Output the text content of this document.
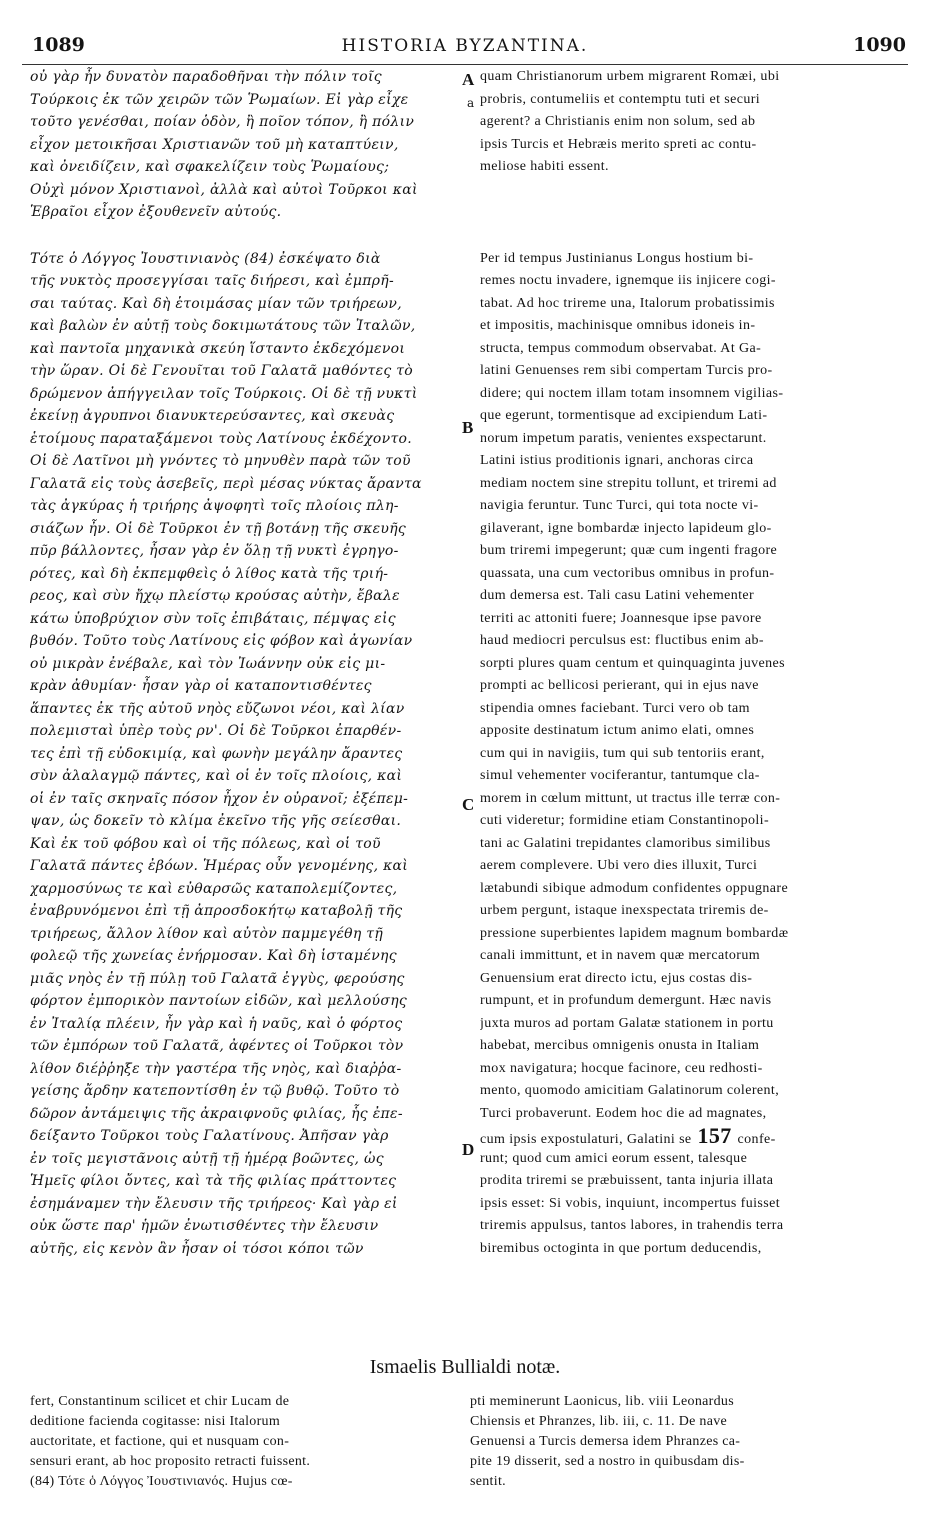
1089	HISTORIA BYZANTINA.	1090
A
a
B
C
D
οὐ γὰρ ἦν δυνατὸν παραδοθῆναι τὴν πόλιν τοῖς
Τούρκοις ἐκ τῶν χειρῶν τῶν Ῥωμαίων. Εἰ γὰρ εἶχε
τοῦτο γενέσθαι, ποίαν ὁδὸν, ἢ ποῖον τόπον, ἢ πόλιν
εἶχον μετοικῆσαι Χριστιανῶν τοῦ μὴ καταπτύειν,
καὶ ὀνειδίζειν, καὶ σφακελίζειν τοὺς Ῥωμαίους;
Οὐχὶ μόνον Χριστιανοὶ, ἀλλὰ καὶ αὐτοὶ Τοῦρκοι καὶ
Ἑβραῖοι εἶχον ἐξουθενεῖν αὐτούς.
Τότε ὁ Λόγγος Ἰουστινιανὸς (84) ἐσκέψατο διὰ
τῆς νυκτὸς προσεγγίσαι ταῖς διήρεσι, καὶ ἐμπρῆ-
σαι ταύτας. Καὶ δὴ ἑτοιμάσας μίαν τῶν τριήρεων,
καὶ βαλὼν ἐν αὐτῇ τοὺς δοκιμωτάτους τῶν Ἰταλῶν,
καὶ παντοῖα μηχανικὰ σκεύη ἵσταντο ἐκδεχόμενοι
τὴν ὥραν. Οἱ δὲ Γενουῖται τοῦ Γαλατᾶ μαθόντες τὸ
δρώμενον ἀπήγγειλαν τοῖς Τούρκοις. Οἱ δὲ τῇ νυκτὶ
ἐκείνῃ ἀγρυπνοι διανυκτερεύσαντες, καὶ σκευὰς
ἑτοίμους παραταξάμενοι τοὺς Λατίνους ἐκδέχοντο.
Οἱ δὲ Λατῖνοι μὴ γνόντες τὸ μηνυθὲν παρὰ τῶν τοῦ
Γαλατᾶ εἰς τοὺς ἀσεβεῖς, περὶ μέσας νύκτας ἄραντα
τὰς ἀγκύρας ἡ τριήρης ἀψοφητὶ τοῖς πλοίοις πλη-
σιάζων ἦν. Οἱ δὲ Τοῦρκοι ἐν τῇ βοτάνῃ τῆς σκευῆς
πῦρ βάλλοντες, ἦσαν γὰρ ἐν ὅλῃ τῇ νυκτὶ ἐγρηγο-
ρότες, καὶ δὴ ἐκπεμφθεὶς ὁ λίθος κατὰ τῆς τριή-
ρεος, καὶ σὺν ἤχῳ πλείστῳ κρούσας αὐτὴν, ἔβαλε
κάτω ὑποβρύχιον σὺν τοῖς ἐπιβάταις, πέμψας εἰς
βυθόν. Τοῦτο τοὺς Λατίνους εἰς φόβον καὶ ἀγωνίαν
οὐ μικρὰν ἐνέβαλε, καὶ τὸν Ἰωάννην οὐκ εἰς μι-
κρὰν ἀθυμίαν· ἦσαν γὰρ οἱ καταποντισθέντες
ἅπαντες ἐκ τῆς αὐτοῦ νηὸς εὔζωνοι νέοι, καὶ λίαν
πολεμισταὶ ὑπὲρ τοὺς ρν'. Οἱ δὲ Τοῦρκοι ἐπαρθέν-
τες ἐπὶ τῇ εὐδοκιμίᾳ, καὶ φωνὴν μεγάλην ἄραντες
σὺν ἀλαλαγμῷ πάντες, καὶ οἱ ἐν τοῖς πλοίοις, καὶ
οἱ ἐν ταῖς σκηναῖς πόσον ἦχον ἐν οὐρανοῖ; ἐξέπεμ-
ψαν, ὡς δοκεῖν τὸ κλίμα ἐκεῖνο τῆς γῆς σείεσθαι.
Καὶ ἐκ τοῦ φόβου καὶ οἱ τῆς πόλεως, καὶ οἱ τοῦ
Γαλατᾶ πάντες ἐβόων. Ἡμέρας οὖν γενομένης, καὶ
χαρμοσύνως τε καὶ εὐθαρσῶς καταπολεμίζοντες,
ἐναβρυνόμενοι ἐπὶ τῇ ἀπροσδοκήτῳ καταβολῇ τῆς
τριήρεως, ἄλλον λίθον καὶ αὐτὸν παμμεγέθη τῇ
φολεῷ τῆς χωνείας ἐνήρμοσαν. Καὶ δὴ ἱσταμένης
μιᾶς νηὸς ἐν τῇ πύλῃ τοῦ Γαλατᾶ ἐγγὺς, φερούσης
φόρτον ἐμπορικὸν παντοίων εἰδῶν, καὶ μελλούσης
ἐν Ἰταλίᾳ πλέειν, ἦν γὰρ καὶ ἡ ναῦς, καὶ ὁ φόρτος
τῶν ἐμπόρων τοῦ Γαλατᾶ, ἀφέντες οἱ Τοῦρκοι τὸν
λίθον διέῤῥηξε τὴν γαστέρα τῆς νηὸς, καὶ διαῤῥα-
γείσης ἄρδην κατεποντίσθη ἐν τῷ βυθῷ. Τοῦτο τὸ
δῶρον ἀντάμειψις τῆς ἀκραιφνοῦς φιλίας, ἧς ἐπε-
δείξαντο Τοῦρκοι τοὺς Γαλατίνους. Ἀπῆσαν γὰρ
ἐν τοῖς μεγιστᾶνοις αὐτῇ τῇ ἡμέρᾳ βοῶντες, ὡς
Ἡμεῖς φίλοι ὄντες, καὶ τὰ τῆς φιλίας πράττοντες
ἐσημάναμεν τὴν ἔλευσιν τῆς τριήρεος· Καὶ γὰρ εἰ
οὐκ ὥστε παρ' ἡμῶν ἐνωτισθέντες τὴν ἔλευσιν
αὐτῆς, εἰς κενὸν ἂν ἦσαν οἱ τόσοι κόποι τῶν
quam Christianorum urbem migrarent Romæi, ubi
probris, contumeliis et contemptu tuti et securi
agerent? a Christianis enim non solum, sed ab
ipsis Turcis et Hebræis merito spreti ac contu-
meliose habiti essent.
Per id tempus Justinianus Longus hostium bi-
remes noctu invadere, ignemque iis injicere cogi-
tabat. Ad hoc trireme una, Italorum probatissimis
et impositis, machinisque omnibus idoneis in-
structa, tempus commodum observabat. At Ga-
latini Genuenses rem sibi compertam Turcis pro-
didere; qui noctem illam totam insomnem vigilias-
que egerunt, tormentisque ad excipiendum Lati-
norum impetum paratis, venientes exspectarunt.
Latini istius proditionis ignari, anchoras circa
mediam noctem sine strepitu tollunt, et triremi ad
navigia feruntur. Tunc Turci, qui tota nocte vi-
gilaverant, igne bombardæ injecto lapideum glo-
bum triremi impegerunt; quæ cum ingenti fragore
quassata, una cum vectoribus omnibus in profun-
dum demersa est. Tali casu Latini vehementer
territi ac attoniti fuere; Joannesque ipse pavore
haud mediocri perculsus est: fluctibus enim ab-
sorpti plures quam centum et quinquaginta juvenes
prompti ac bellicosi perierant, qui in ejus nave
stipendia omnes faciebant. Turci vero ob tam
apposite destinatum ictum animo elati, omnes
cum qui in navigiis, tum qui sub tentoriis erant,
simul vehementer vociferantur, tantumque cla-
morem in cœlum mittunt, ut tractus ille terræ con-
cuti videretur; formidine etiam Constantinopoli-
tani ac Galatini trepidantes clamoribus similibus
aerem complevere. Ubi vero dies illuxit, Turci
lætabundi sibique admodum confidentes oppugnare
urbem pergunt, istaque inexspectata triremis de-
pressione superbientes lapidem magnum bombardæ
canali immittunt, et in navem quæ mercatorum
Genuensium erat directo ictu, ejus costas dis-
rumpunt, et in profundum demergunt. Hæc navis
juxta muros ad portam Galatæ stationem in portu
habebat, mercibus omnigenis onusta in Italiam
mox navigatura; hocque facinore, ceu redhosti-
mento, quomodo amicitiam Galatinorum colerent,
Turci probaverunt. Eodem hoc die ad magnates,
cum ipsis expostulaturi, Galatini se 157 confe-
runt; quod cum amici eorum essent, talesque
prodita triremi se præbuissent, tanta injuria illata
ipsis esset: Si vobis, inquiunt, incompertus fuisset
triremis appulsus, tantos labores, in trahendis terra
biremibus octoginta in que portum deducendis,
Ismaelis Bullialdi notæ.
fert, Constantinum scilicet et chir Lucam de
deditione facienda cogitasse: nisi Italorum
auctoritate, et factione, qui et nusquam con-
sensuri erant, ab hoc proposito retracti fuissent.
(84) Τότε ὁ Λόγγος Ἰουστινιανός. Hujus cœ-
pti meminerunt Laonicus, lib. viii Leonardus
Chiensis et Phranzes, lib. iii, c. 11. De nave
Genuensi a Turcis demersa idem Phranzes ca-
pite 19 disserit, sed a nostro in quibusdam dis-
sentit.
